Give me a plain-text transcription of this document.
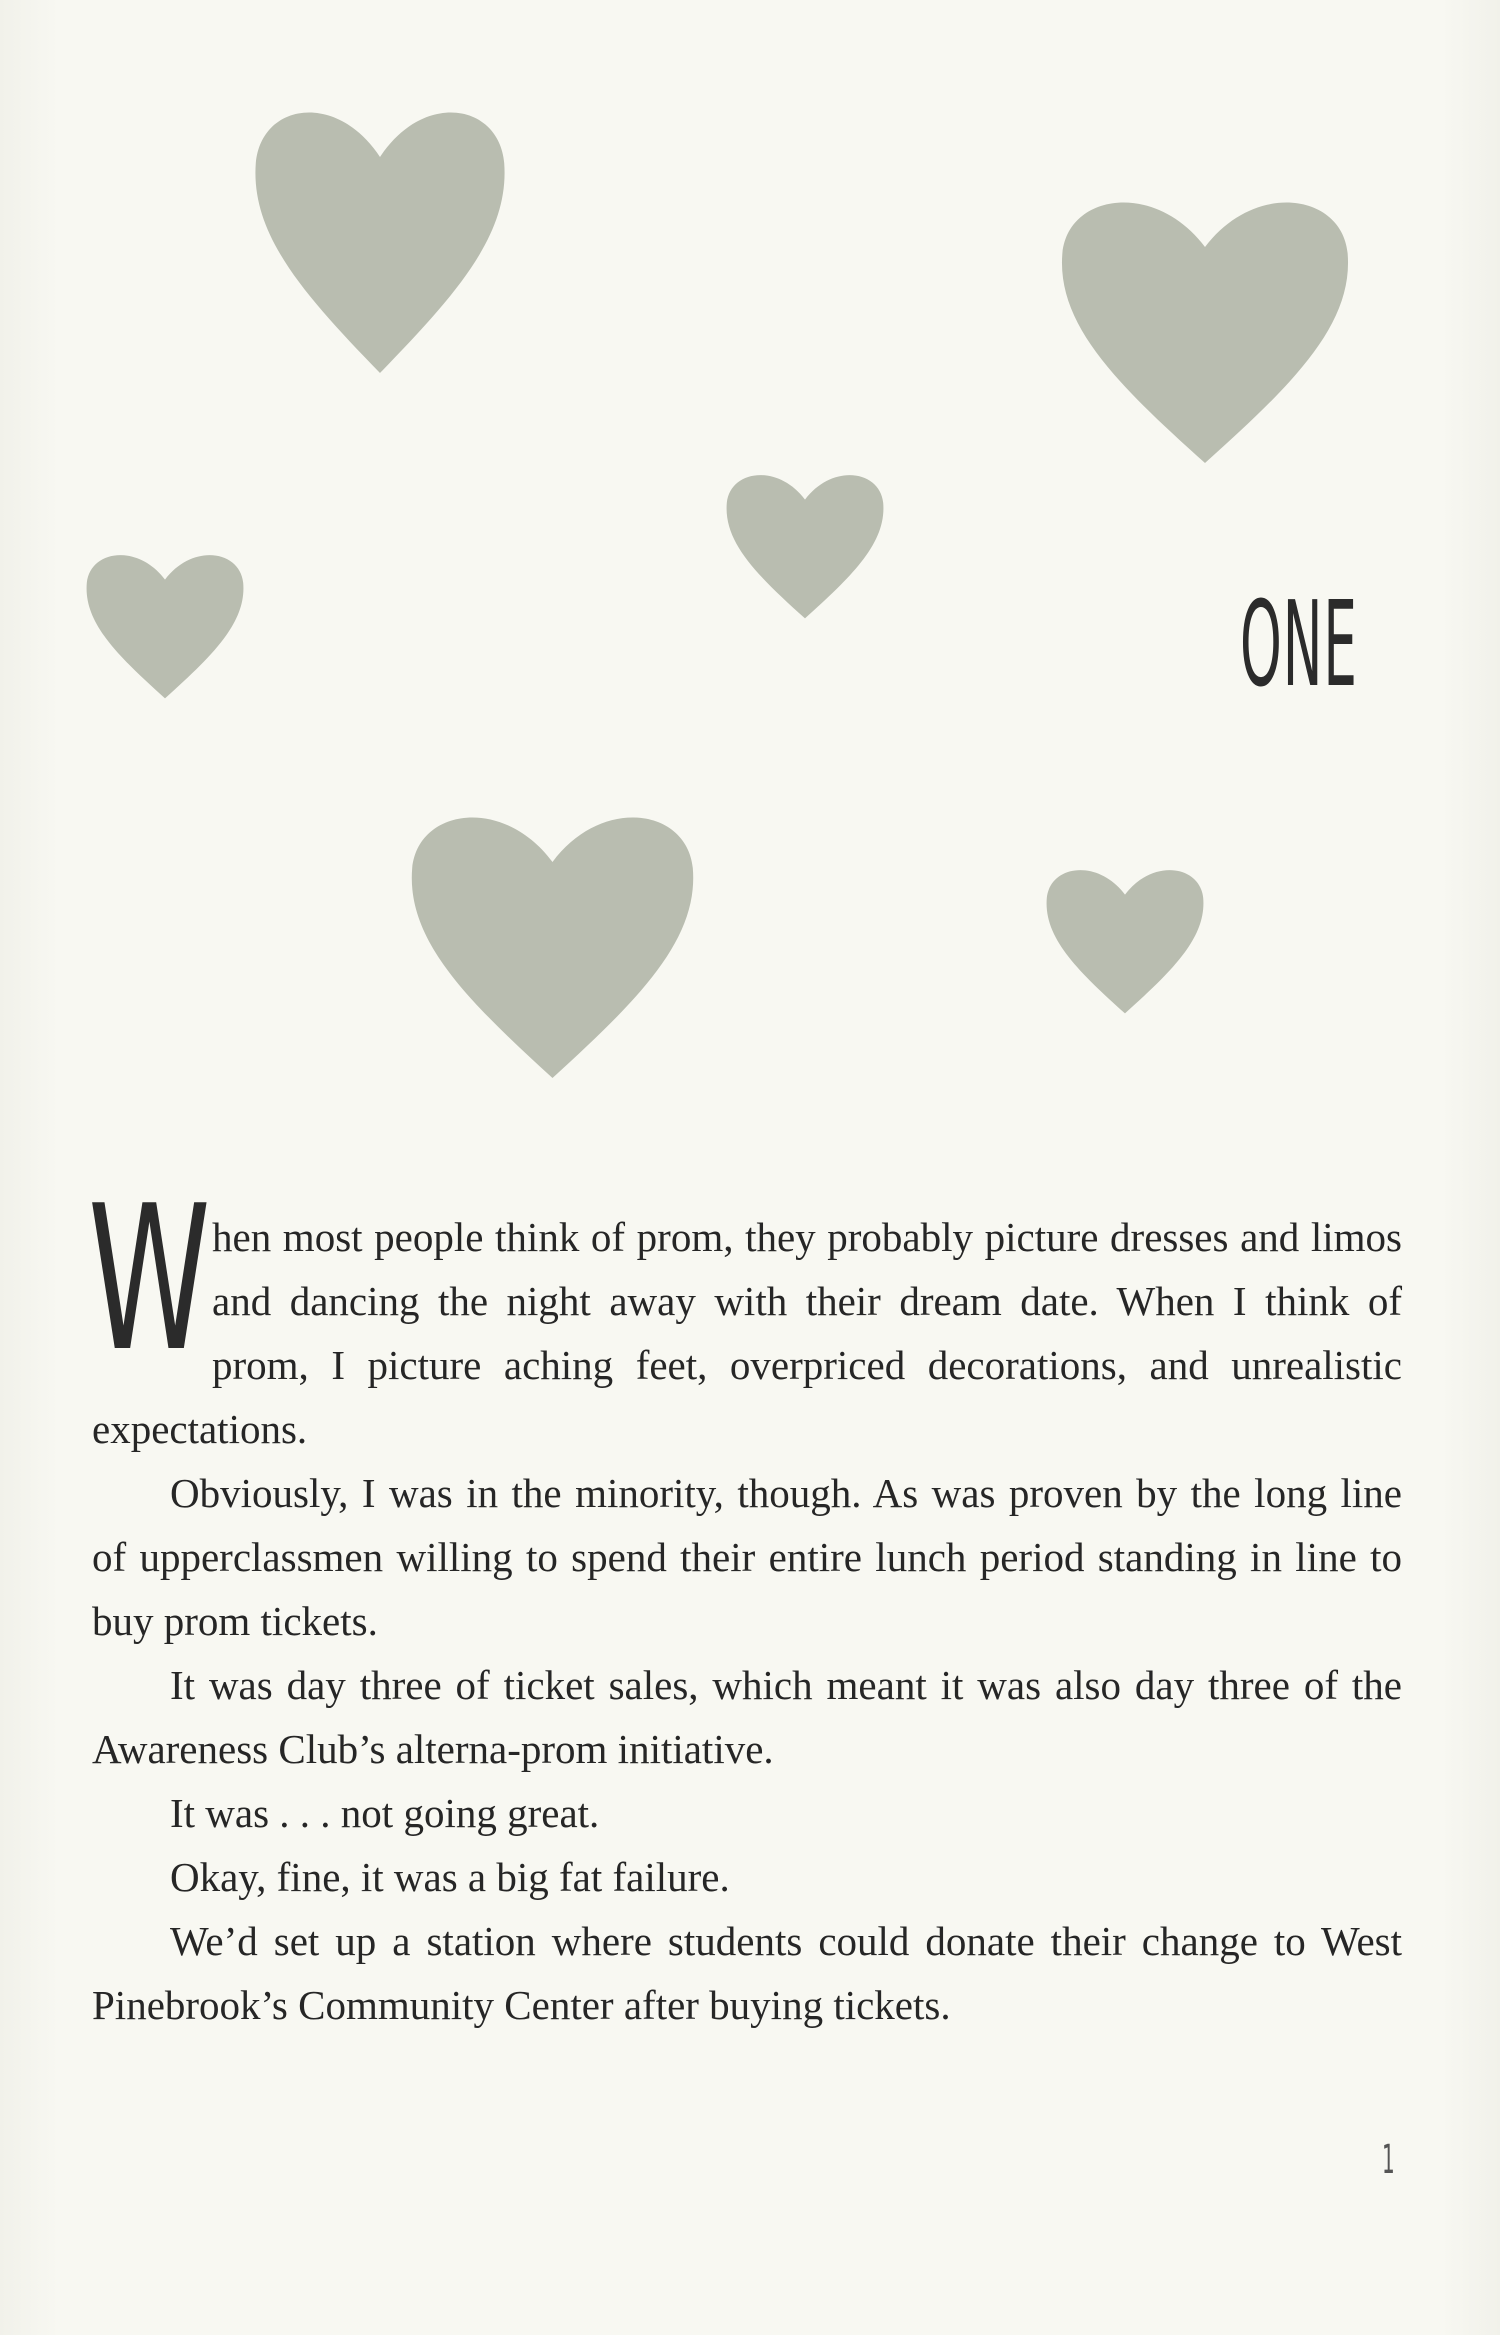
ONE

When most people think of prom, they probably picture dresses and limos and dancing the night away with their dream date. When I think of prom, I picture aching feet, overpriced decorations, and unrealistic expectations.

Obviously, I was in the minority, though. As was proven by the long line of upperclassmen willing to spend their entire lunch period standing in line to buy prom tickets.

It was day three of ticket sales, which meant it was also day three of the Awareness Club’s alterna-prom initiative.

It was . . . not going great.

Okay, fine, it was a big fat failure.

We’d set up a station where students could donate their change to West Pinebrook’s Community Center after buying tickets.

1
